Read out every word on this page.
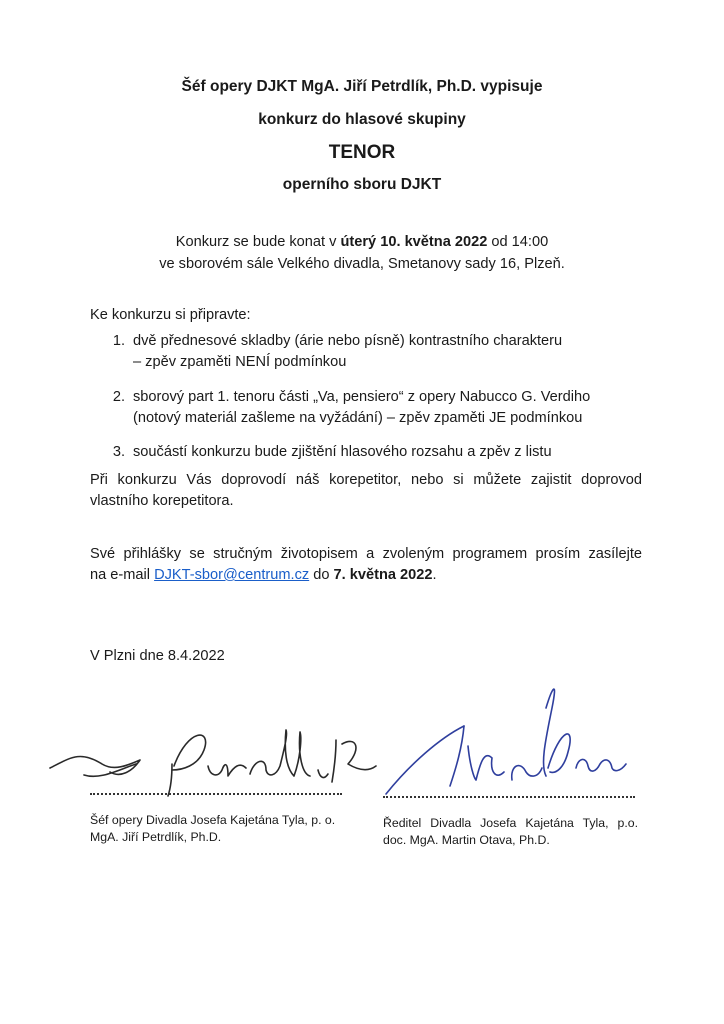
Šéf opery DJKT MgA. Jiří Petrdlík, Ph.D. vypisuje
konkurz do hlasové skupiny
TENOR
operního sboru DJKT
Konkurz se bude konat v úterý 10. května 2022 od 14:00
ve sborovém sále Velkého divadla, Smetanovy sady 16, Plzeň.
Ke konkurzu si připravte:
1. dvě přednesové skladby (árie nebo písně) kontrastního charakteru
– zpěv zpaměti NENÍ podmínkou
2. sborový part 1. tenoru části „Va, pensiero“ z opery Nabucco G. Verdiho
(notový materiál zašleme na vyžádání) – zpěv zpaměti JE podmínkou
3. součástí konkurzu bude zjištění hlasového rozsahu a zpěv z listu
Při konkurzu Vás doprovodí náš korepetitor, nebo si můžete zajistit doprovod
vlastního korepetitora.
Své přihlášky se stručným životopisem a zvoleným programem prosím zasílejte
na e-mail DJKT-sbor@centrum.cz do 7. května 2022.
V Plzni dne 8.4.2022
Šéf opery Divadla Josefa Kajetána Tyla, p. o.
MgA. Jiří Petrdlík, Ph.D.
Ředitel Divadla Josefa Kajetána Tyla, p.o.
doc. MgA. Martin Otava, Ph.D.
